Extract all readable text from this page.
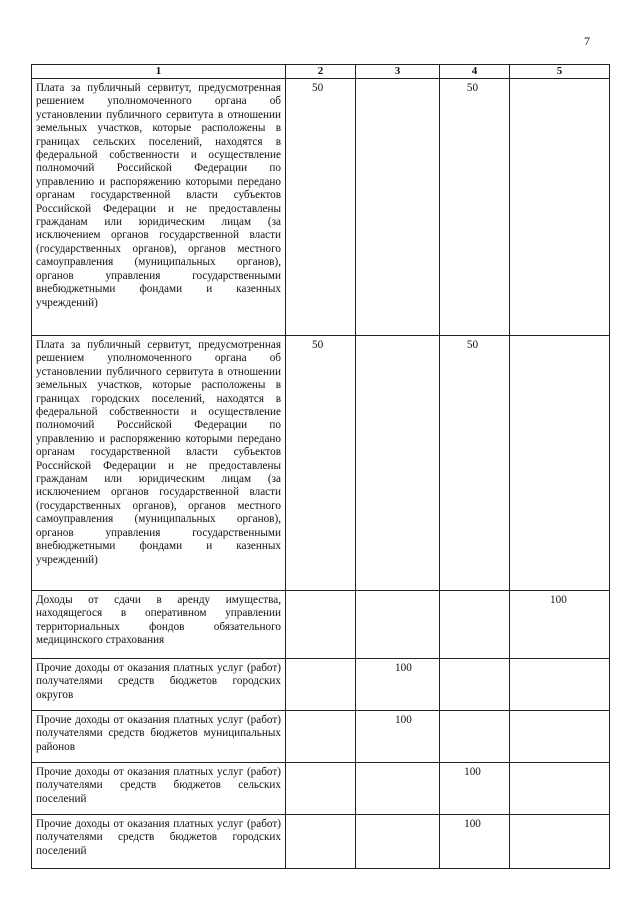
7
1	2	3	4	5
Плата за публичный сервитут, предусмотренная решением уполномоченного органа об установлении публичного сервитута в отношении земельных участков, которые расположены в границах сельских поселений, находятся в федеральной собственности и осуществление полномочий Российской Федерации по управлению и распоряжению которыми передано органам государственной власти субъектов Российской Федерации и не предоставлены гражданам или юридическим лицам (за исключением органов государственной власти (государственных органов), органов местного самоуправления (муниципальных органов), органов управления государственными внебюджетными фондами и казенных учреждений)	50		50	
Плата за публичный сервитут, предусмотренная решением уполномоченного органа об установлении публичного сервитута в отношении земельных участков, которые расположены в границах городских поселений, находятся в федеральной собственности и осуществление полномочий Российской Федерации по управлению и распоряжению которыми передано органам государственной власти субъектов Российской Федерации и не предоставлены гражданам или юридическим лицам (за исключением органов государственной власти (государственных органов), органов местного самоуправления (муниципальных органов), органов управления государственными внебюджетными фондами и казенных учреждений)	50		50	
Доходы от сдачи в аренду имущества, находящегося в оперативном управлении территориальных фондов обязательного медицинского страхования				100
Прочие доходы от оказания платных услуг (работ) получателями средств бюджетов городских округов		100		
Прочие доходы от оказания платных услуг (работ) получателями средств бюджетов муниципальных районов		100		
Прочие доходы от оказания платных услуг (работ) получателями средств бюджетов сельских поселений			100	
Прочие доходы от оказания платных услуг (работ) получателями средств бюджетов городских поселений			100	
